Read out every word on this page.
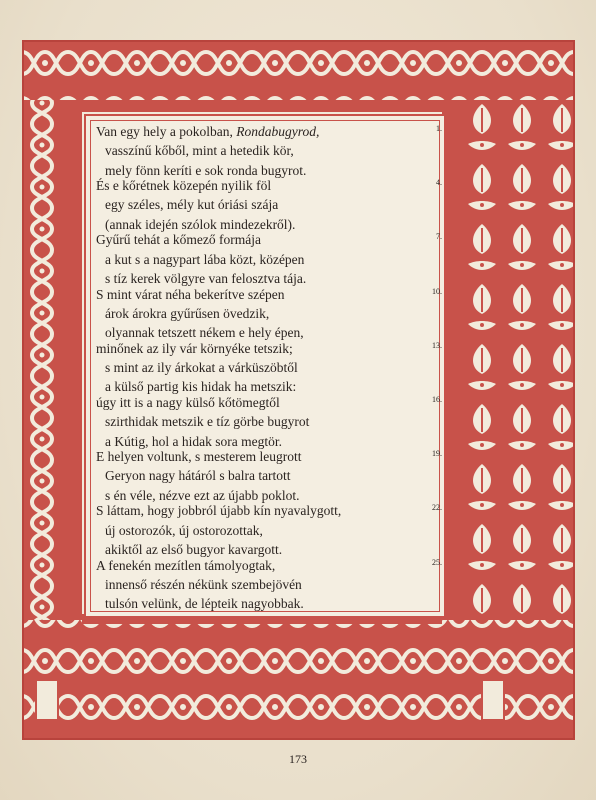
Van egy hely a pokolban, Rondabugyrod,
vasszínű kőből, mint a hetedik kör,
mely fönn keríti e sok ronda bugyrot.
1.
És e kőrétnek közepén nyilik föl
egy széles, mély kut óriási szája
(annak idején szólok mindezekről).
4.
Gyűrű tehát a kőmező formája
a kut s a nagypart lába közt, középen
s tíz kerek völgyre van felosztva tája.
7.
S mint várat néha bekerítve szépen
árok árokra gyűrűsen övedzik,
olyannak tetszett nékem e hely épen,
10.
minőnek az ily vár környéke tetszik;
s mint az ily árkokat a várküszöbtől
a külső partig kis hidak ha metszik:
13.
úgy itt is a nagy külső kőtömegtől
szirthidak metszik e tíz görbe bugyrot
a Kútig, hol a hidak sora megtör.
16.
E helyen voltunk, s mesterem leugrott
Geryon nagy hátáról s balra tartott
s én véle, nézve ezt az újabb poklot.
19.
S láttam, hogy jobbról újabb kín nyavalygott,
új ostorozók, új ostorozottak,
akiktől az első bugyor kavargott.
22.
A fenekén mezítlen támolyogtak,
innenső részén nékünk szembejövén
tulsón velünk, de lépteik nagyobbak.
25.
173
